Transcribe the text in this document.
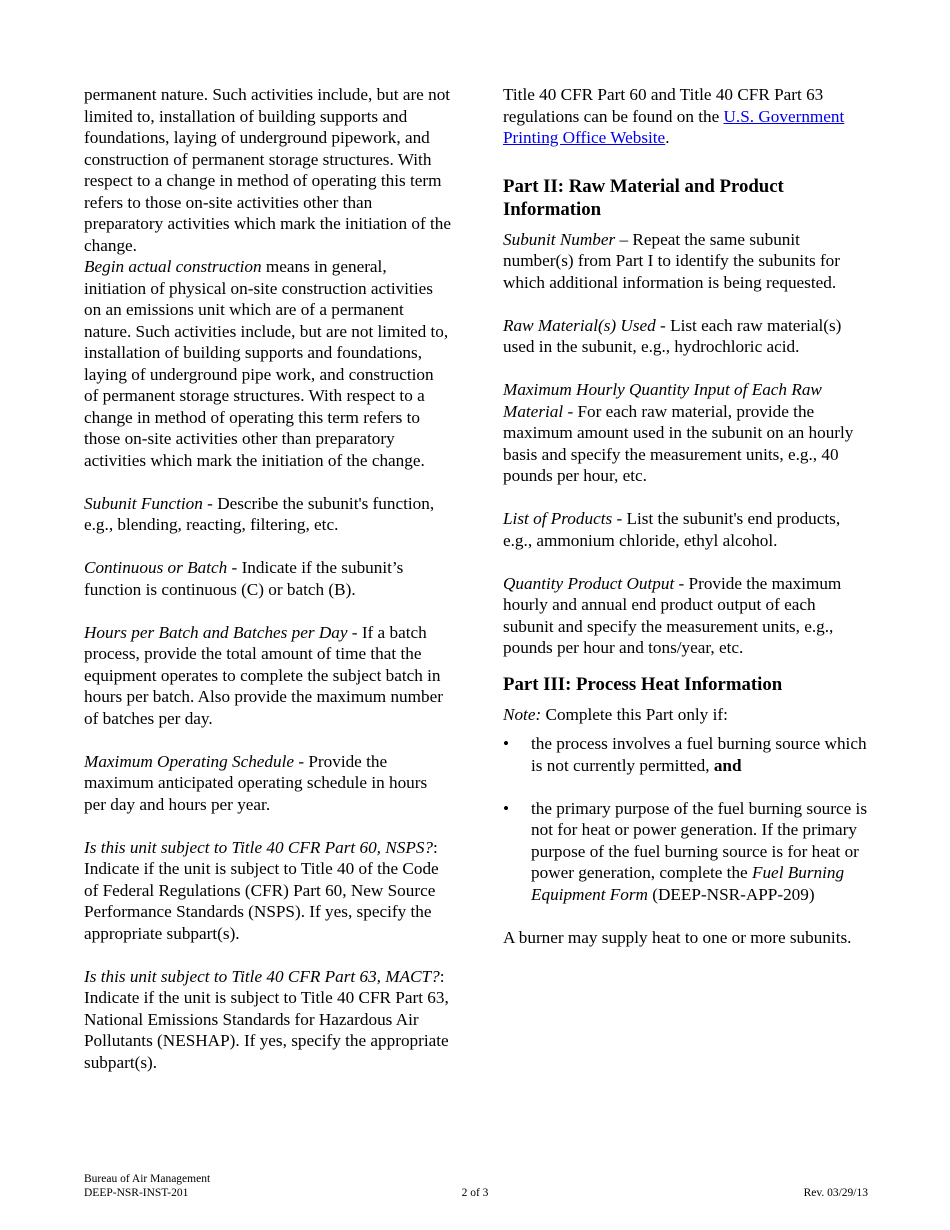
permanent nature. Such activities include, but are not limited to, installation of building supports and foundations, laying of underground pipework, and construction of permanent storage structures. With respect to a change in method of operating this term refers to those on-site activities other than preparatory activities which mark the initiation of the change.
Begin actual construction means in general, initiation of physical on-site construction activities on an emissions unit which are of a permanent nature. Such activities include, but are not limited to, installation of building supports and foundations, laying of underground pipe work, and construction of permanent storage structures. With respect to a change in method of operating this term refers to those on-site activities other than preparatory activities which mark the initiation of the change.

Subunit Function - Describe the subunit's function, e.g., blending, reacting, filtering, etc.

Continuous or Batch - Indicate if the subunit’s function is continuous (C) or batch (B).

Hours per Batch and Batches per Day - If a batch process, provide the total amount of time that the equipment operates to complete the subject batch in hours per batch. Also provide the maximum number of batches per day.

Maximum Operating Schedule - Provide the maximum anticipated operating schedule in hours per day and hours per year.

Is this unit subject to Title 40 CFR Part 60, NSPS?: Indicate if the unit is subject to Title 40 of the Code of Federal Regulations (CFR) Part 60, New Source Performance Standards (NSPS). If yes, specify the appropriate subpart(s).

Is this unit subject to Title 40 CFR Part 63, MACT?: Indicate if the unit is subject to Title 40 CFR Part 63, National Emissions Standards for Hazardous Air Pollutants (NESHAP). If yes, specify the appropriate subpart(s).

Title 40 CFR Part 60 and Title 40 CFR Part 63 regulations can be found on the U.S. Government Printing Office Website.

Part II: Raw Material and Product Information

Subunit Number – Repeat the same subunit number(s) from Part I to identify the subunits for which additional information is being requested.

Raw Material(s) Used - List each raw material(s) used in the subunit, e.g., hydrochloric acid.

Maximum Hourly Quantity Input of Each Raw Material - For each raw material, provide the maximum amount used in the subunit on an hourly basis and specify the measurement units, e.g., 40 pounds per hour, etc.

List of Products - List the subunit's end products, e.g., ammonium chloride, ethyl alcohol.

Quantity Product Output - Provide the maximum hourly and annual end product output of each subunit and specify the measurement units, e.g., pounds per hour and tons/year, etc.

Part III: Process Heat Information

Note: Complete this Part only if:

•	the process involves a fuel burning source which is not currently permitted, and
•	the primary purpose of the fuel burning source is not for heat or power generation. If the primary purpose of the fuel burning source is for heat or power generation, complete the Fuel Burning Equipment Form (DEEP-NSR-APP-209)

A burner may supply heat to one or more subunits.

Bureau of Air Management
DEEP-NSR-INST-201	2 of 3	Rev. 03/29/13
